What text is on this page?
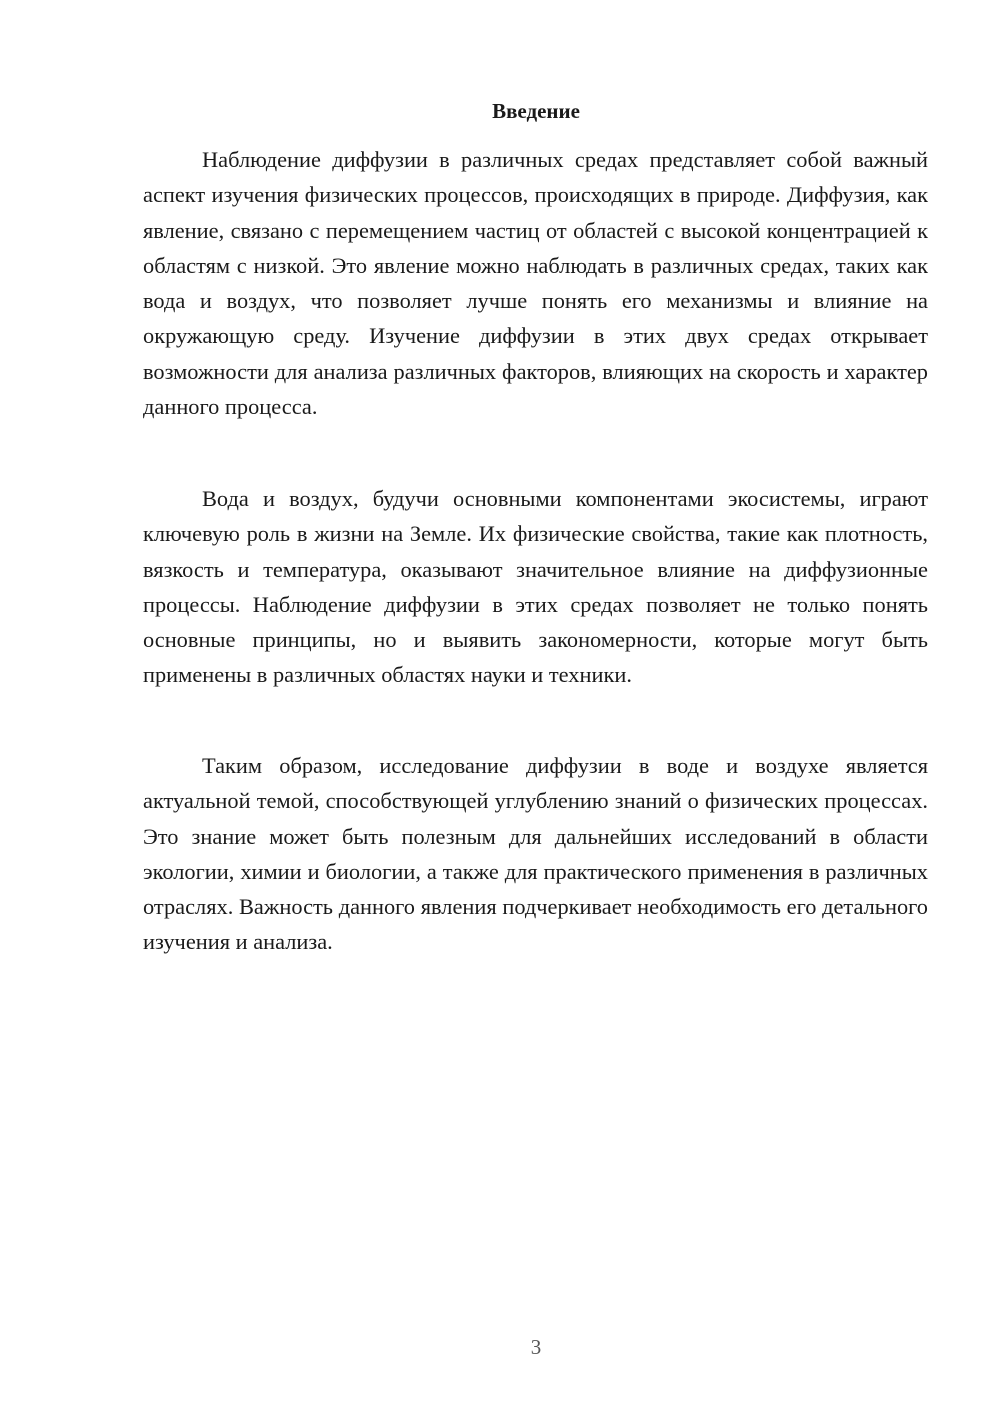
Введение

Наблюдение диффузии в различных средах представляет собой важный аспект изучения физических процессов, происходящих в природе. Диффузия, как явление, связано с перемещением частиц от областей с высокой концентрацией к областям с низкой. Это явление можно наблюдать в различных средах, таких как вода и воздух, что позволяет лучше понять его механизмы и влияние на окружающую среду. Изучение диффузии в этих двух средах открывает возможности для анализа различных факторов, влияющих на скорость и характер данного процесса.

Вода и воздух, будучи основными компонентами экосистемы, играют ключевую роль в жизни на Земле. Их физические свойства, такие как плотность, вязкость и температура, оказывают значительное влияние на диффузионные процессы. Наблюдение диффузии в этих средах позволяет не только понять основные принципы, но и выявить закономерности, которые могут быть применены в различных областях науки и техники.

Таким образом, исследование диффузии в воде и воздухе является актуальной темой, способствующей углублению знаний о физических процессах. Это знание может быть полезным для дальнейших исследований в области экологии, химии и биологии, а также для практического применения в различных отраслях. Важность данного явления подчеркивает необходимость его детального изучения и анализа.

3
